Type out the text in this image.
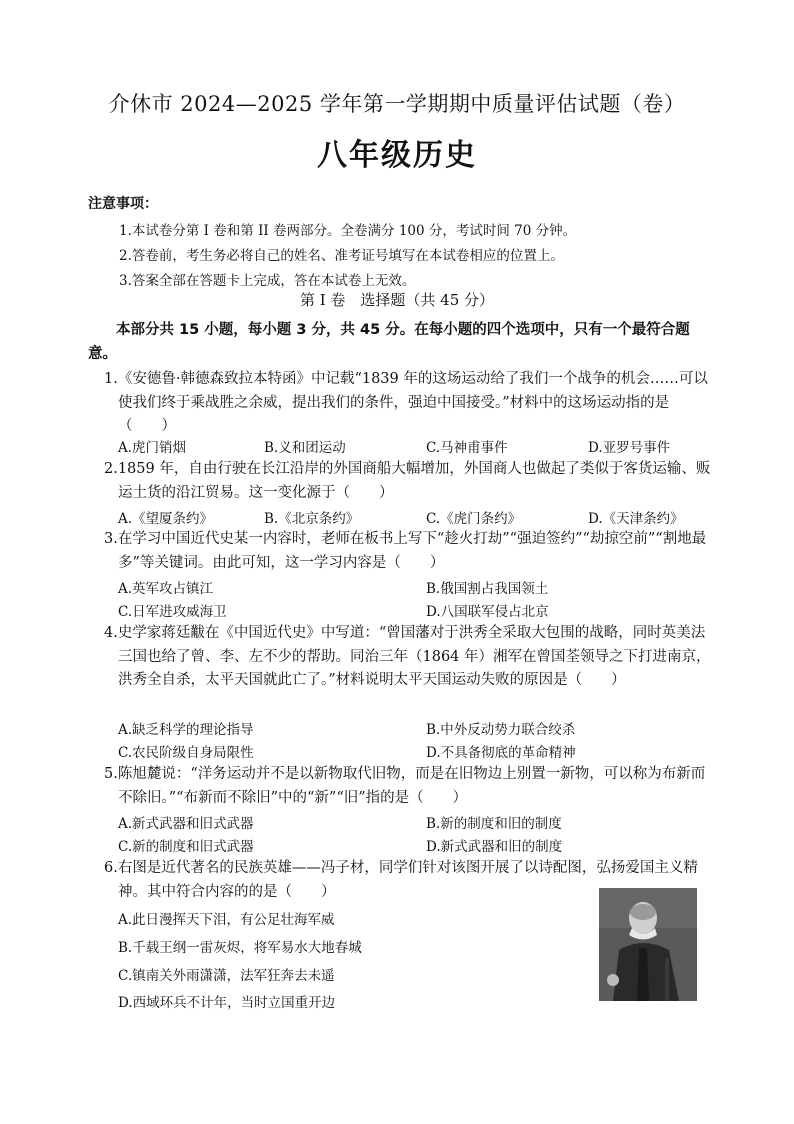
介休市 2024—2025 学年第一学期期中质量评估试题（卷）
八年级历史
注意事项：
1.本试卷分第 I 卷和第 II 卷两部分。全卷满分 100 分，考试时间 70 分钟。
2.答卷前，考生务必将自己的姓名、准考证号填写在本试卷相应的位置上。
3.答案全部在答题卡上完成，答在本试卷上无效。
第 I 卷　选择题（共 45 分）
本部分共 15 小题，每小题 3 分，共 45 分。在每小题的四个选项中，只有一个最符合题意。
1.《安德鲁·韩德森致拉本特函》中记载“1839 年的这场运动给了我们一个战争的机会……可以使我们终于乘战胜之余威，提出我们的条件，强迫中国接受。”材料中的这场运动指的是（　　）
A.虎门销烟	B.义和团运动	C.马神甫事件	D.亚罗号事件
2.1859 年，自由行驶在长江沿岸的外国商船大幅增加，外国商人也做起了类似于客货运输、贩运土货的沿江贸易。这一变化源于（　　）
A.《望厦条约》	B.《北京条约》	C.《虎门条约》	D.《天津条约》
3.在学习中国近代史某一内容时，老师在板书上写下“趁火打劫”“强迫签约”“劫掠空前”“割地最多”等关键词。由此可知，这一学习内容是（　　）
A.英军攻占镇江	B.俄国割占我国领土
C.日军进攻威海卫	D.八国联军侵占北京
4.史学家蒋廷黻在《中国近代史》中写道：“曾国藩对于洪秀全采取大包围的战略，同时英美法三国也给了曾、李、左不少的帮助。同治三年（1864 年）湘军在曾国荃领导之下打进南京，洪秀全自杀，太平天国就此亡了。”材料说明太平天国运动失败的原因是（　　）
A.缺乏科学的理论指导	B.中外反动势力联合绞杀
C.农民阶级自身局限性	D.不具备彻底的革命精神
5.陈旭麓说：“洋务运动并不是以新物取代旧物，而是在旧物边上别置一新物，可以称为布新而不除旧。”“布新而不除旧”中的“新”“旧”指的是（　　）
A.新式武器和旧式武器	B.新的制度和旧的制度
C.新的制度和旧式武器	D.新式武器和旧的制度
6.右图是近代著名的民族英雄——冯子材，同学们针对该图开展了以诗配图，弘扬爱国主义精神。其中符合内容的的是（　　）
A.此日漫挥天下泪，有公足壮海军威
B.千载王纲一雷灰烬，将军易水大地春城
C.镇南关外雨潇潇，法军狂奔去未遥
D.西域环兵不计年，当时立国重开边
